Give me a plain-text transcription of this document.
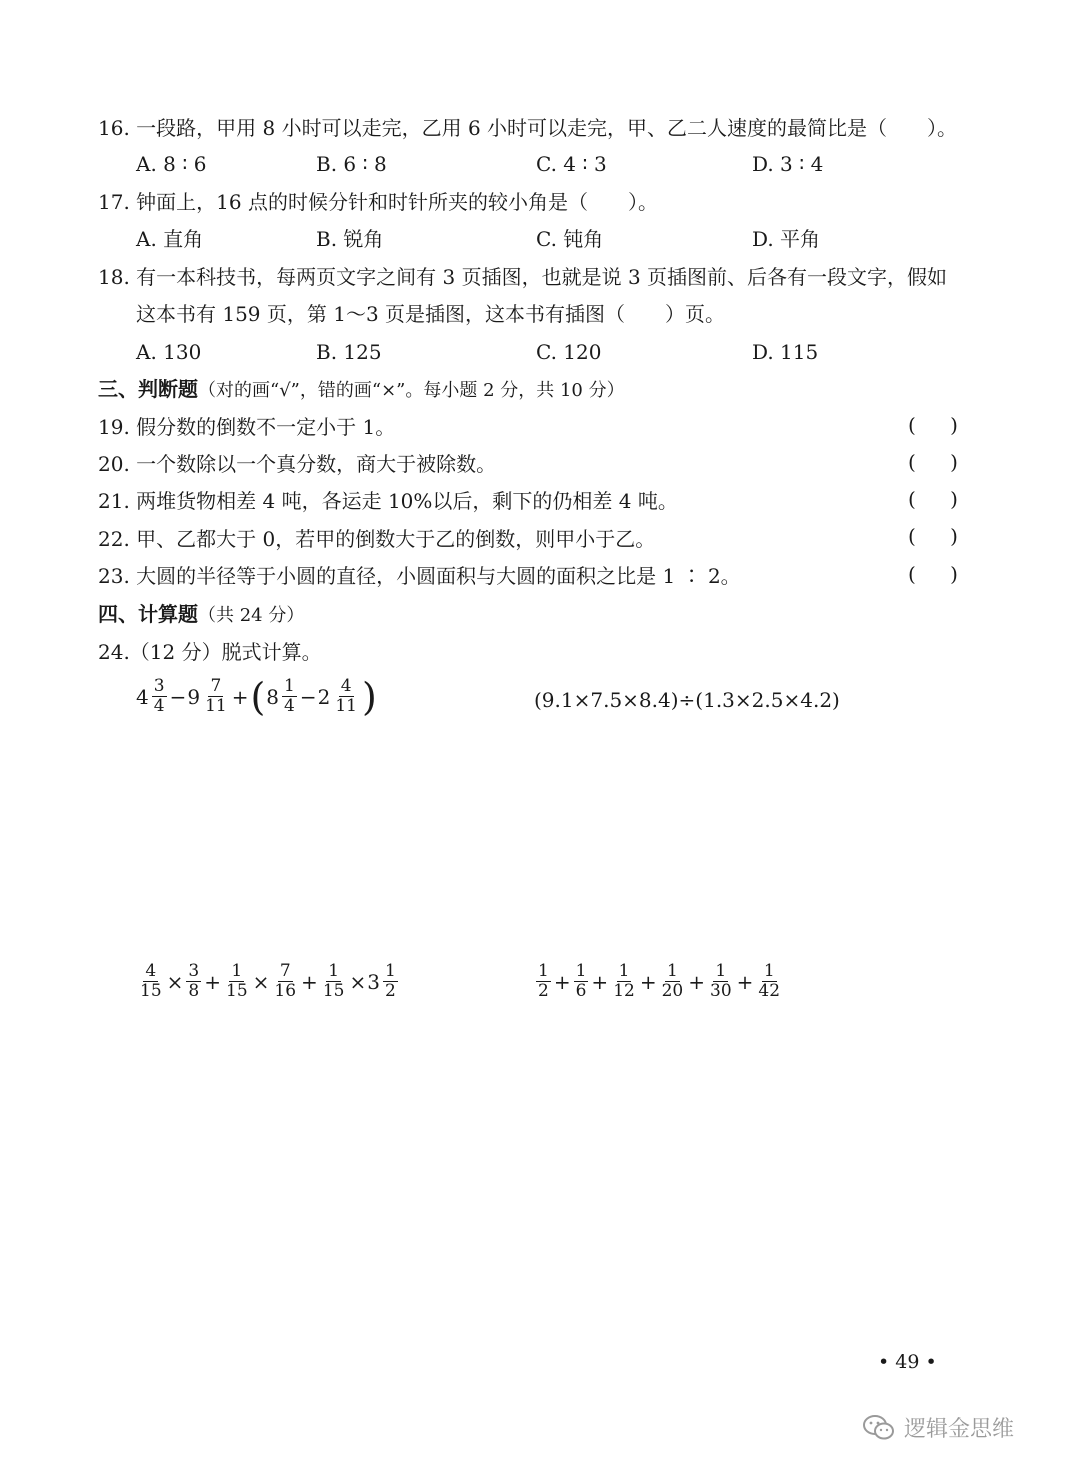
16. 一段路，甲用 8 小时可以走完，乙用 6 小时可以走完，甲、乙二人速度的最简比是（　　）。
A. 8 ∶ 6	B. 6 ∶ 8	C. 4 ∶ 3	D. 3 ∶ 4
17. 钟面上，16 点的时候分针和时针所夹的较小角是（　　）。
A. 直角	B. 锐角	C. 钝角	D. 平角
18. 有一本科技书，每两页文字之间有 3 页插图，也就是说 3 页插图前、后各有一段文字，假如
这本书有 159 页，第 1～3 页是插图，这本书有插图（　　）页。
A. 130	B. 125	C. 120	D. 115
三、判断题（对的画“√”，错的画“×”。每小题 2 分，共 10 分）
19. 假分数的倒数不一定小于 1。	( )
20. 一个数除以一个真分数，商大于被除数。	( )
21. 两堆货物相差 4 吨，各运走 10%以后，剩下的仍相差 4 吨。	( )
22. 甲、乙都大于 0，若甲的倒数大于乙的倒数，则甲小于乙。	( )
23. 大圆的半径等于小圆的直径，小圆面积与大圆的面积之比是 1 ∶ 2。	( )
四、计算题（共 24 分）
24.（12 分）脱式计算。
$4 \frac{3}{4} - 9 \frac{7}{11}$ + ( $8 \frac{1}{4} - 2 \frac{4}{11}$ )	(9.1×7.5×8.4)÷(1.3×2.5×4.2)
$\frac{4}{15} \times \frac{3}{8} + \frac{1}{15} \times \frac{7}{16} + \frac{1}{15} \times 3 \frac{1}{2}$	$\frac{1}{2} + \frac{1}{6} + \frac{1}{12} + \frac{1}{20} + \frac{1}{30} + \frac{1}{42}$
• 49 •
逻辑金思维
